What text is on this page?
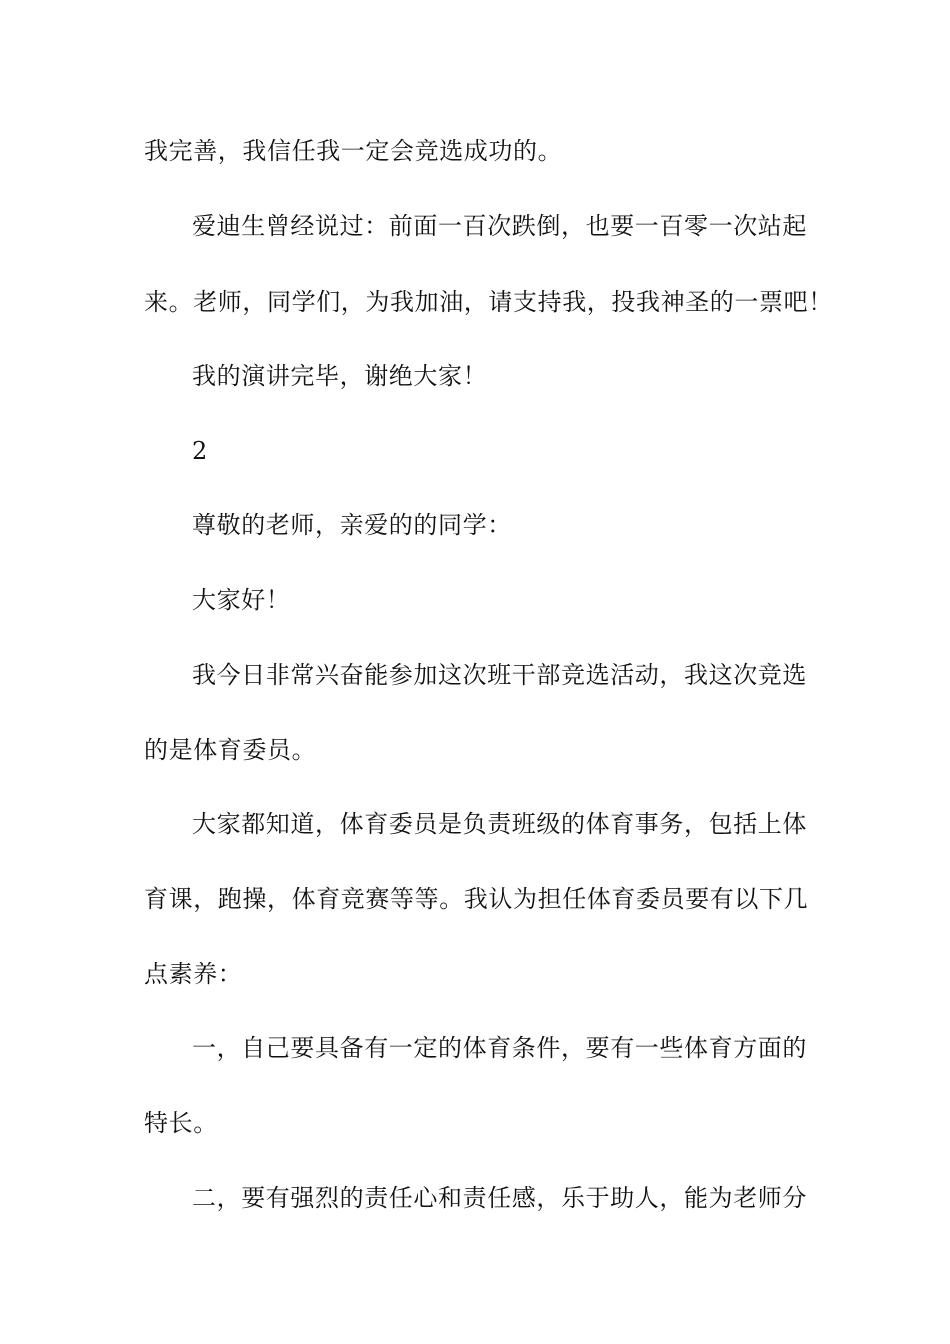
我完善，我信任我一定会竞选成功的。
爱迪生曾经说过：前面一百次跌倒，也要一百零一次站起
来。老师，同学们，为我加油，请支持我，投我神圣的一票吧！
我的演讲完毕，谢绝大家！
2
尊敬的老师，亲爱的的同学：
大家好！
我今日非常兴奋能参加这次班干部竞选活动，我这次竞选
的是体育委员。
大家都知道，体育委员是负责班级的体育事务，包括上体
育课，跑操，体育竞赛等等。我认为担任体育委员要有以下几
点素养：
一，自己要具备有一定的体育条件，要有一些体育方面的
特长。
二，要有强烈的责任心和责任感，乐于助人，能为老师分
